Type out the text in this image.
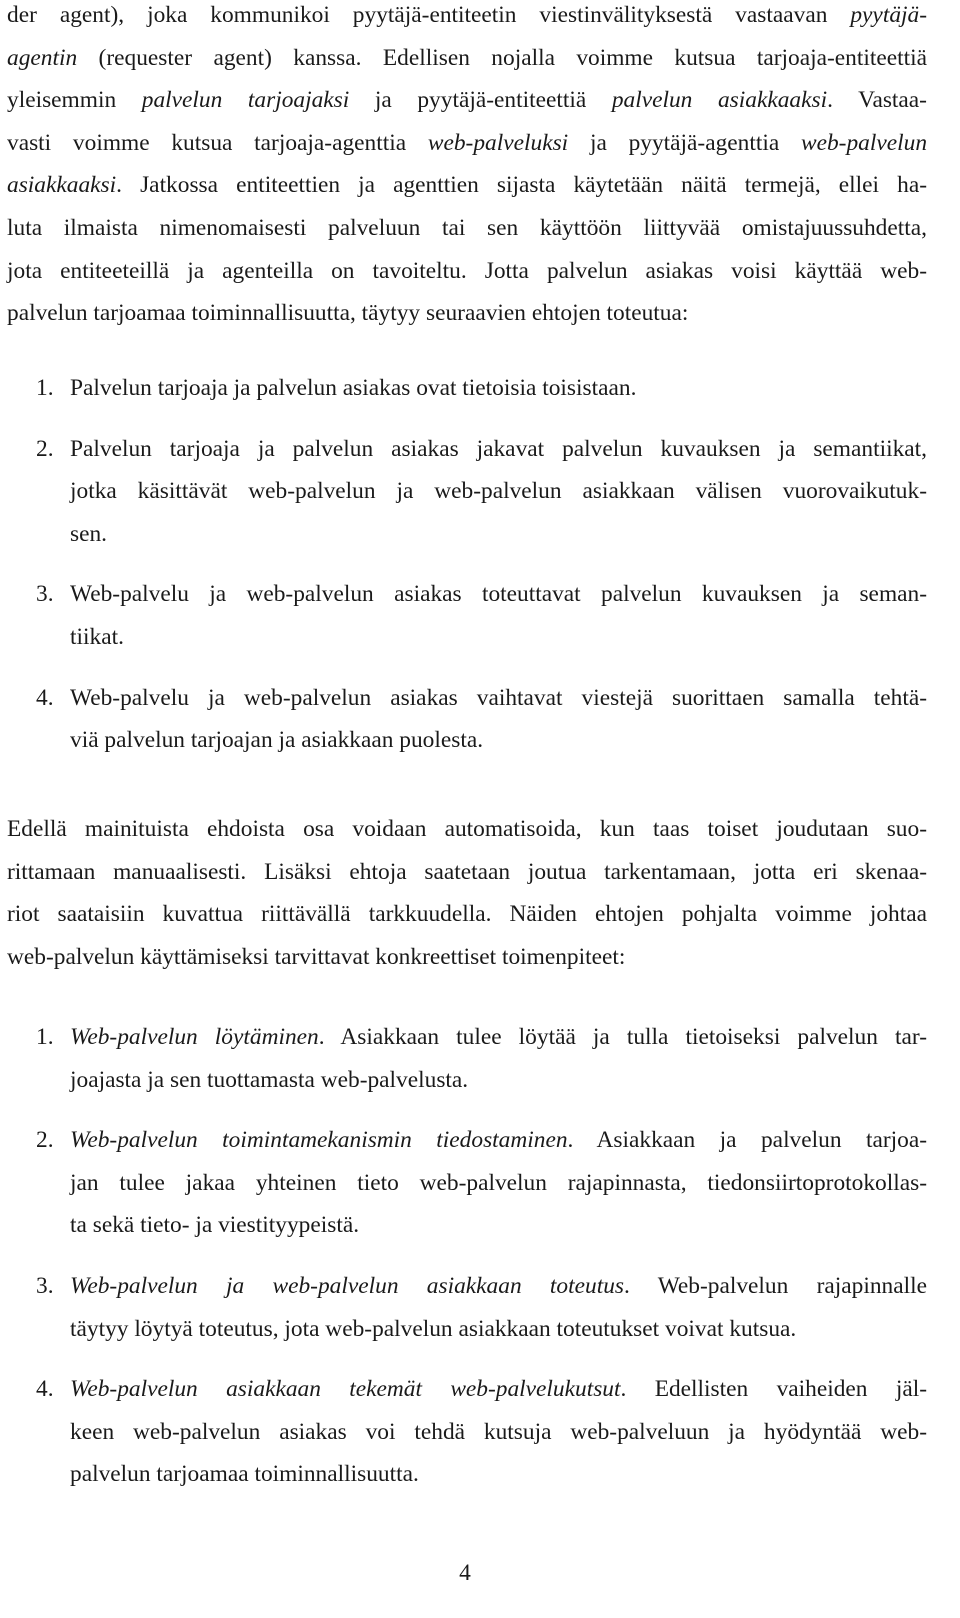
der agent), joka kommunikoi pyytäjä-entiteetin viestinvälityksestä vastaavan pyytäjä-
agentin (requester agent) kanssa. Edellisen nojalla voimme kutsua tarjoaja-entiteettiä
yleisemmin palvelun tarjoajaksi ja pyytäjä-entiteettiä palvelun asiakkaaksi. Vastaa-
vasti voimme kutsua tarjoaja-agenttia web-palveluksi ja pyytäjä-agenttia web-palvelun
asiakkaaksi. Jatkossa entiteettien ja agenttien sijasta käytetään näitä termejä, ellei ha-
luta ilmaista nimenomaisesti palveluun tai sen käyttöön liittyvää omistajuussuhdetta,
jota entiteeteillä ja agenteilla on tavoiteltu. Jotta palvelun asiakas voisi käyttää web-
palvelun tarjoamaa toiminnallisuutta, täytyy seuraavien ehtojen toteutua:

1. Palvelun tarjoaja ja palvelun asiakas ovat tietoisia toisistaan.
2. Palvelun tarjoaja ja palvelun asiakas jakavat palvelun kuvauksen ja semantiikat,
jotka käsittävät web-palvelun ja web-palvelun asiakkaan välisen vuorovaikutuk-
sen.
3. Web-palvelu ja web-palvelun asiakas toteuttavat palvelun kuvauksen ja seman-
tiikat.
4. Web-palvelu ja web-palvelun asiakas vaihtavat viestejä suorittaen samalla tehtä-
viä palvelun tarjoajan ja asiakkaan puolesta.

Edellä mainituista ehdoista osa voidaan automatisoida, kun taas toiset joudutaan suo-
rittamaan manuaalisesti. Lisäksi ehtoja saatetaan joutua tarkentamaan, jotta eri skenaa-
riot saataisiin kuvattua riittävällä tarkkuudella. Näiden ehtojen pohjalta voimme johtaa
web-palvelun käyttämiseksi tarvittavat konkreettiset toimenpiteet:

1. Web-palvelun löytäminen. Asiakkaan tulee löytää ja tulla tietoiseksi palvelun tar-
joajasta ja sen tuottamasta web-palvelusta.
2. Web-palvelun toimintamekanismin tiedostaminen. Asiakkaan ja palvelun tarjoa-
jan tulee jakaa yhteinen tieto web-palvelun rajapinnasta, tiedonsiirtoprotokollas-
ta sekä tieto- ja viestityypeistä.
3. Web-palvelun ja web-palvelun asiakkaan toteutus. Web-palvelun rajapinnalle
täytyy löytyä toteutus, jota web-palvelun asiakkaan toteutukset voivat kutsua.
4. Web-palvelun asiakkaan tekemät web-palvelukutsut. Edellisten vaiheiden jäl-
keen web-palvelun asiakas voi tehdä kutsuja web-palveluun ja hyödyntää web-
palvelun tarjoamaa toiminnallisuutta.
4
